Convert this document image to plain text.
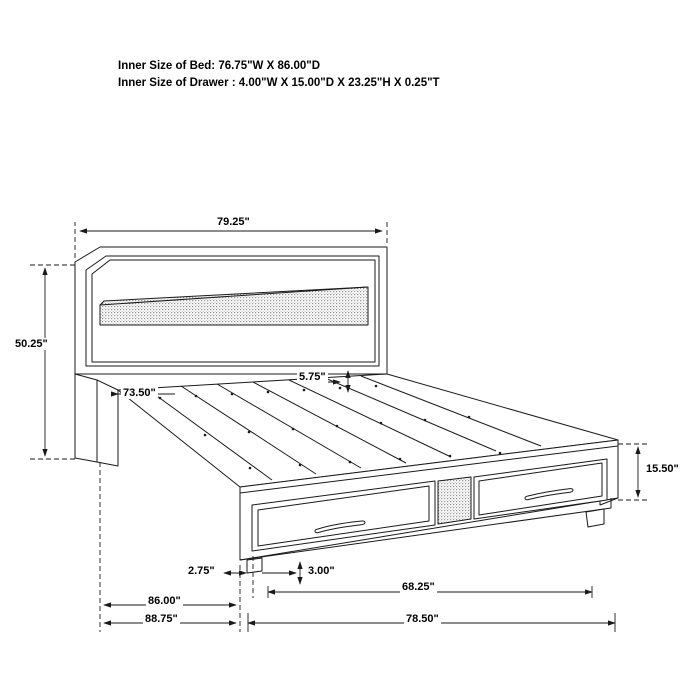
Inner Size of Bed: 76.75"W X 86.00"D
Inner Size of Drawer : 4.00"W X 15.00"D X 23.25"H X 0.25"T
79.25"
50.25"
73.50"
5.75"
15.50"
2.75"	3.00"
68.25"
86.00"
88.75"	78.50"
